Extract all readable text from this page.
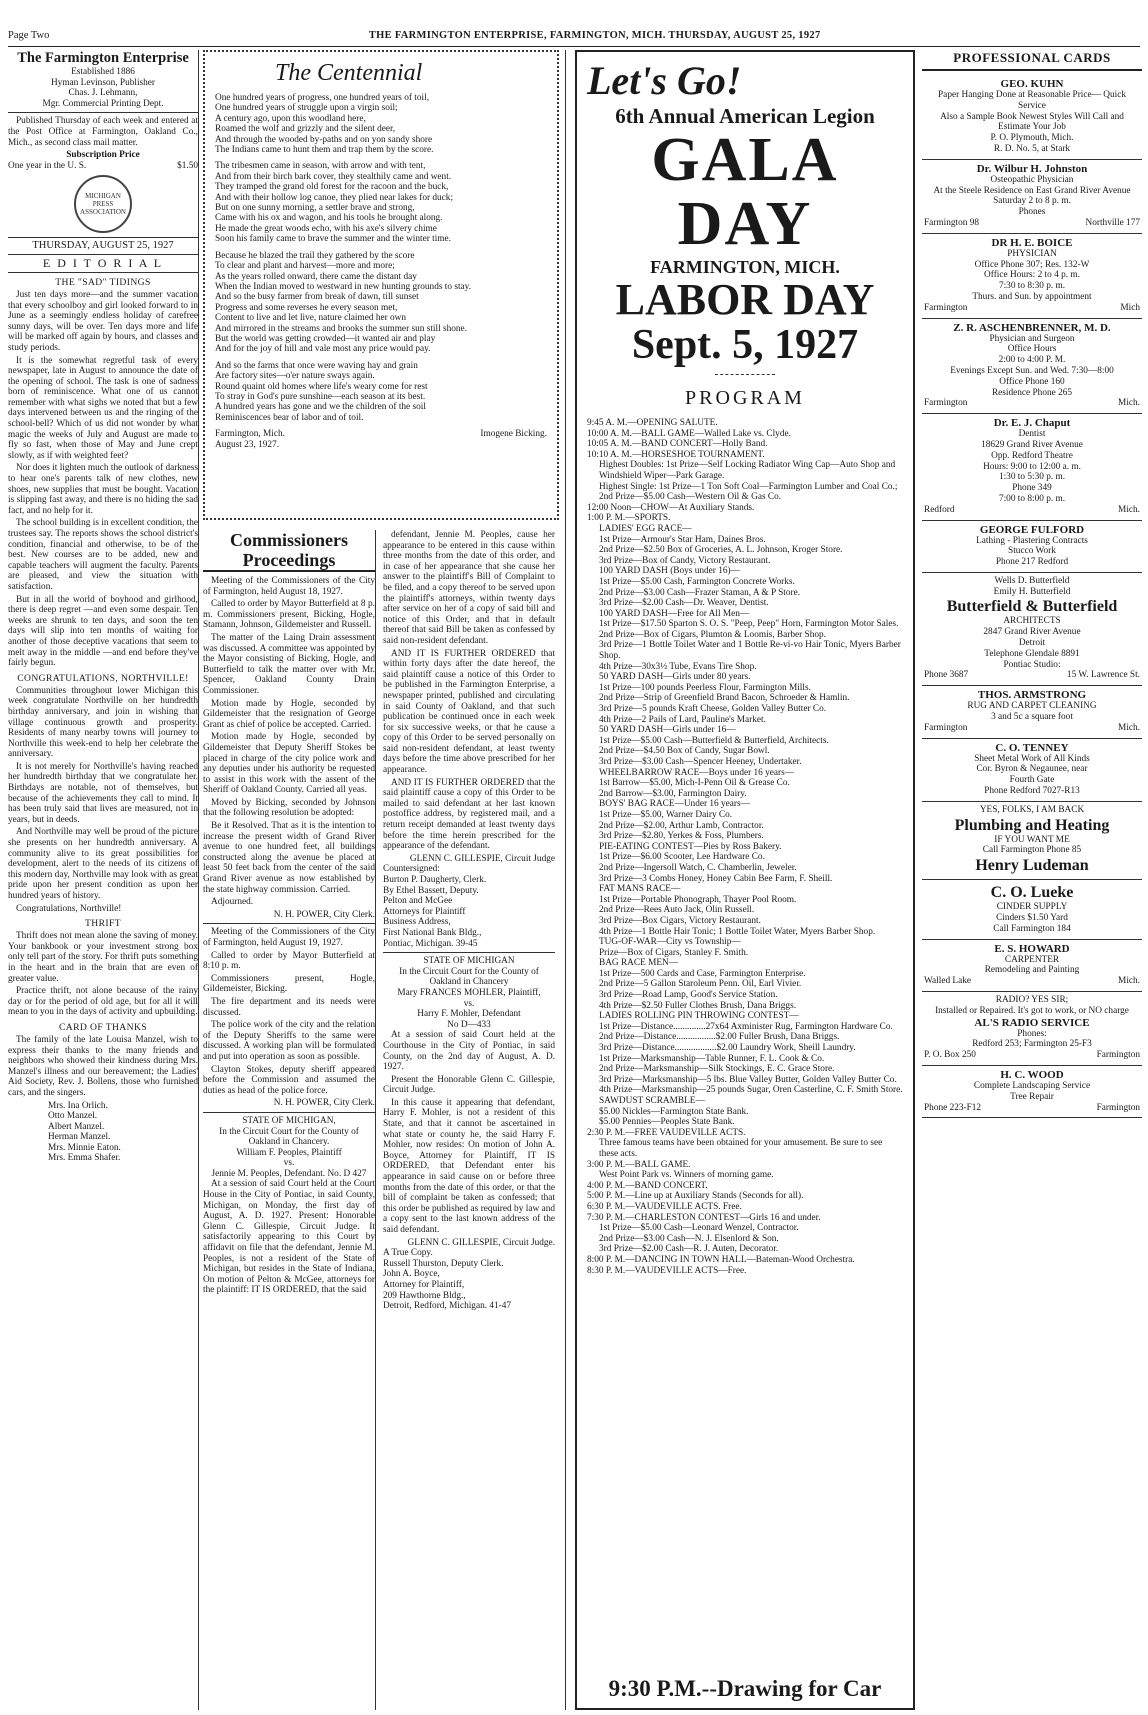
Page Two	THE FARMINGTON ENTERPRISE, FARMINGTON, MICH. THURSDAY, AUGUST 25, 1927
The Farmington Enterprise
Established 1886
Hyman Levinson, Publisher
Chas. J. Lehmann,
Mgr. Commercial Printing Dept.

Published Thursday of each week and entered at the Post Office at Farmington, Oakland Co., Mich., as second class mail matter.

Subscription Price
One year in the U. S.	$1.50
MICHIGAN PRESS ASSOCIATION
THURSDAY, AUGUST 25, 1927
E D I T O R I A L
THE "SAD" TIDINGS

Just ten days more—and the summer vacation that every schoolboy and girl looked forward to in June as a seemingly endless holiday of carefree sunny days, will be over. Ten days more and life will be marked off again by hours, and classes and study periods.

It is the somewhat regretful task of every newspaper, late in August to announce the date of the opening of school. The task is one of sadness born of reminiscence. What one of us cannot remember with what sighs we noted that but a few days intervened between us and the ringing of the school-bell? Which of us did not wonder by what magic the weeks of July and August are made to fly so fast, when those of May and June crept slowly, as if with weighted feet?

Nor does it lighten much the outlook of darkness to hear one's parents talk of new clothes, new shoes, new supplies that must be bought. Vacation is slipping fast away, and there is no hiding the sad fact, and no help for it.

The school building is in excellent condition, the trustees say. The reports shows the school district's condition, financial and otherwise, to be of the best. New courses are to be added, new and capable teachers will augment the faculty. Parents are pleased, and view the situation with satisfaction.

But in all the world of boyhood and girlhood, there is deep regret —and even some despair. Ten weeks are shrunk to ten days, and soon the ten days will slip into ten months of waiting for another of those deceptive vacations that seem to melt away in the middle —and end before they've fairly begun.

CONGRATULATIONS, NORTHVILLE!

Communities throughout lower Michigan this week congratulate Northville on her hundredth birthday anniversary, and join in wishing that village continuous growth and prosperity. Residents of many nearby towns will journey to Northville this week-end to help her celebrate the anniversary.

It is not merely for Northville's having reached her hundredth birthday that we congratulate her. Birthdays are notable, not of themselves, but because of the achievements they call to mind. It has been truly said that lives are measured, not in years, but in deeds.

And Northville may well be proud of the picture she presents on her hundredth anniversary. A community alive to its great possibilities for development, alert to the needs of its citizens of this modern day, Northville may look with as great pride upon her present condition as upon her hundred years of history.

Congratulations, Northville!

THRIFT

Thrift does not mean alone the saving of money. Your bankbook or your investment strong box only tell part of the story. For thrift puts something in the heart and in the brain that are even of greater value.

Practice thrift, not alone because of the rainy day or for the period of old age, but for all it will mean to you in the days of activity and upbuilding.

CARD OF THANKS

The family of the late Louisa Manzel, wish to express their thanks to the many friends and neighbors who showed their kindness during Mrs. Manzel's illness and our bereavement; the Ladies' Aid Society, Rev. J. Bollens, those who furnished cars, and the singers.

Mrs. Ina Orlich.
Otto Manzel.
Albert Manzel.
Herman Manzel.
Mrs. Minnie Eaton.
Mrs. Emma Shafer.
The Centennial
One hundred years of progress, one hundred years of toil,
One hundred years of struggle upon a virgin soil;
A century ago, upon this woodland here,
Roamed the wolf and grizzly and the silent deer,
And through the wooded by-paths and on yon sandy shore
The Indians came to hunt them and trap them by the score.
The tribesmen came in season, with arrow and with tent,
And from their birch bark cover, they stealthily came and went.
They tramped the grand old forest for the racoon and the buck,
And with their hollow log canoe, they plied near lakes for duck;
But on one sunny morning, a settler brave and strong,
Came with his ox and wagon, and his tools he brought along.
He made the great woods echo, with his axe's silvery chime
Soon his family came to brave the summer and the winter time.
Because he blazed the trail they gathered by the score
To clear and plant and harvest—more and more;
As the years rolled onward, there came the distant day
When the Indian moved to westward in new hunting grounds to stay.
And so the busy farmer from break of dawn, till sunset
Progress and some reverses he every season met,
Content to live and let live, nature claimed her own
And mirrored in the streams and brooks the summer sun still shone.
But the world was getting crowded—it wanted air and play
And for the joy of hill and vale most any price would pay.
And so the farms that once were waving hay and grain
Are factory sites—o'er nature sways again.
Round quaint old homes where life's weary come for rest
To stray in God's pure sunshine—each season at its best.
A hundred years has gone and we the children of the soil
Reminiscences bear of labor and of toil.
Farmington, Mich.
August 23, 1927.
Imogene Bicking.
Commissioners Proceedings

Meeting of the Commissioners of the City of Farmington, held August 18, 1927.

Called to order by Mayor Butterfield at 8 p. m. Commissioners present, Bicking, Hogle, Stamann, Johnson, Gildemeister and Russell.

The matter of the Laing Drain assessment was discussed. A committee was appointed by the Mayor consisting of Bicking, Hogle, and Butterfield to talk the matter over with Mr. Spencer, Oakland County Drain Commissioner.

Motion made by Hogle, seconded by Gildemeister that the resignation of George Grant as chief of police be accepted. Carried.

Motion made by Hogle, seconded by Gildemeister that Deputy Sheriff Stokes be placed in charge of the city police work and any deputies under his authority be requested to assist in this work with the assent of the Sheriff of Oakland County. Carried all yeas.

Moved by Bicking, seconded by Johnson that the following resolution be adopted:

Be it Resolved. That as it is the intention to increase the present width of Grand River avenue to one hundred feet, all buildings constructed along the avenue be placed at least 50 feet back from the center of the said Grand River avenue as now established by the state highway commission. Carried.

Adjourned.

N. H. POWER, City Clerk.

Meeting of the Commissioners of the City of Farmington, held August 19, 1927.

Called to order by Mayor Butterfield at 8:10 p. m.

Commissioners present, Hogle, Gildemeister, Bicking.

The fire department and its needs were discussed.

The police work of the city and the relation of the Deputy Sheriffs to the same were discussed. A working plan will be formulated and put into operation as soon as possible.

Clayton Stokes, deputy sheriff appeared before the Commission and assumed the duties as head of the police force.

N. H. POWER, City Clerk.
STATE OF MICHIGAN,
In the Circuit Court for the County of Oakland in Chancery.
William F. Peoples, Plaintiff
vs.
Jennie M. Peoples, Defendant. No. D 427

At a session of said Court held at the Court House in the City of Pontiac, in said County, Michigan, on Monday, the first day of August, A. D. 1927. Present: Honorable Glenn C. Gillespie, Circuit Judge. It satisfactorily appearing to this Court by affidavit on file that the defendant, Jennie M. Peoples, is not a resident of the State of Michigan, but resides in the State of Indiana, On motion of Pelton & McGee, attorneys for the plaintiff: IT IS ORDERED, that the said

defendant, Jennie M. Peoples, cause her appearance to be entered in this cause within three months from the date of this order, and in case of her appearance that she cause her answer to the plaintiff's Bill of Complaint to be filed, and a copy thereof to be served upon the plaintiff's attorneys, within twenty days after service on her of a copy of said bill and notice of this Order, and that in default thereof that said Bill be taken as confessed by said non-resident defendant.

AND IT IS FURTHER ORDERED that within forty days after the date hereof, the said plaintiff cause a notice of this Order to be published in the Farmington Enterprise, a newspaper printed, published and circulating in said County of Oakland, and that such publication be continued once in each week for six successive weeks, or that he cause a copy of this Order to be served personally on said non-resident defendant, at least twenty days before the time above prescribed for her appearance.

AND IT IS FURTHER ORDERED that the said plaintiff cause a copy of this Order to be mailed to said defendant at her last known postoffice address, by registered mail, and a return receipt demanded at least twenty days before the time herein prescribed for the appearance of the defendant.

GLENN C. GILLESPIE, Circuit Judge
Countersigned:
Burton P. Daugherty, Clerk.
By Ethel Bassett, Deputy.
Pelton and McGee
Attorneys for Plaintiff
Business Address,
First National Bank Bldg.,
Pontiac, Michigan. 39-45
STATE OF MICHIGAN
In the Circuit Court for the County of Oakland in Chancery
Mary FRANCES MOHLER, Plaintiff,
vs.
Harry F. Mohler, Defendant
No D—433

At a session of said Court held at the Courthouse in the City of Pontiac, in said County, on the 2nd day of August, A. D. 1927.

Present the Honorable Glenn C. Gillespie, Circuit Judge.

In this cause it appearing that defendant, Harry F. Mohler, is not a resident of this State, and that it cannot be ascertained in what state or county he, the said Harry F. Mohler, now resides: On motion of John A. Boyce, Attorney for Plaintiff, IT IS ORDERED, that Defendant enter his appearance in said cause on or before three months from the date of this order, or that the bill of complaint be taken as confessed; that this order be published as required by law and a copy sent to the last known address of the said defendant.

GLENN C. GILLESPIE, Circuit Judge.
A True Copy.
Russell Thurston, Deputy Clerk.
John A. Boyce,
Attorney for Plaintiff,
209 Hawthorne Bldg.,
Detroit, Redford, Michigan. 41-47
Let's Go!
6th Annual American Legion
GALA DAY
FARMINGTON, MICH.
LABOR DAY
Sept. 5, 1927
PROGRAM

9:45 A. M.—OPENING SALUTE.

10:00 A. M.—BALL GAME—Walled Lake vs. Clyde.

10:05 A. M.—BAND CONCERT—Holly Band.

10:10 A. M.—HORSESHOE TOURNAMENT.

Highest Doubles: 1st Prize—Self Locking Radiator Wing Cap—Auto Shop and Windshield Wiper—Park Garage.

Highest Single: 1st Prize—1 Ton Soft Coal—Farmington Lumber and Coal Co.; 2nd Prize—$5.00 Cash—Western Oil & Gas Co.

12:00 Noon—CHOW—At Auxiliary Stands.

1:00 P. M.—SPORTS.

LADIES' EGG RACE—

1st Prize—Armour's Star Ham, Daines Bros.

2nd Prize—$2.50 Box of Groceries, A. L. Johnson, Kroger Store.

3rd Prize—Box of Candy, Victory Restaurant.

100 YARD DASH (Boys under 16)—

1st Prize—$5.00 Cash, Farmington Concrete Works.

2nd Prize—$3.00 Cash—Frazer Staman, A & P Store.

3rd Prize—$2.00 Cash—Dr. Weaver, Dentist.

100 YARD DASH—Free for All Men—

1st Prize—$17.50 Sparton S. O. S. "Peep, Peep" Horn, Farmington Motor Sales.

2nd Prize—Box of Cigars, Plumton & Loomis, Barber Shop.

3rd Prize—1 Bottle Toilet Water and 1 Bottle Re-vi-vo Hair Tonic, Myers Barber Shop.

4th Prize—30x3½ Tube, Evans Tire Shop.

50 YARD DASH—Girls under 80 years.

1st Prize—100 pounds Peerless Flour, Farmington Mills.

2nd Prize—Strip of Greenfield Brand Bacon, Schroeder & Hamlin.

3rd Prize—5 pounds Kraft Cheese, Golden Valley Butter Co.

4th Prize—2 Pails of Lard, Pauline's Market.

50 YARD DASH—Girls under 16—

1st Prize—$5.00 Cash—Butterfield & Butterfield, Architects.

2nd Prize—$4.50 Box of Candy, Sugar Bowl.

3rd Prize—$3.00 Cash—Spencer Heeney, Undertaker.

WHEELBARROW RACE—Boys under 16 years—

1st Barrow—$5.00, Mich-I-Penn Oil & Grease Co.

2nd Barrow—$3.00, Farmington Dairy.

BOYS' BAG RACE—Under 16 years—

1st Prize—$5.00, Warner Dairy Co.

2nd Prize—$2.00, Arthur Lamb, Contractor.

3rd Prize—$2.80, Yerkes & Foss, Plumbers.

PIE-EATING CONTEST—Pies by Ross Bakery.

1st Prize—$6.00 Scooter, Lee Hardware Co.

2nd Prize—Ingersoll Watch, C. Chamberlin, Jeweler.

3rd Prize—3 Combs Honey, Honey Cabin Bee Farm, F. Sheill.

FAT MANS RACE—

1st Prize—Portable Phonograph, Thayer Pool Room.

2nd Prize—Rees Auto Jack, Olin Russell.

3rd Prize—Box Cigars, Victory Restaurant.

4th Prize—1 Bottle Hair Tonic; 1 Bottle Toilet Water, Myers Barber Shop.

TUG-OF-WAR—City vs Township—

Prize—Box of Cigars, Stanley F. Smith.

BAG RACE MEN—

1st Prize—500 Cards and Case, Farmington Enterprise.

2nd Prize—5 Gallon Staroleum Penn. Oil, Earl Vivier.

3rd Prize—Road Lamp, Good's Service Station.

4th Prize—$2.50 Fuller Clothes Brush, Dana Briggs.

LADIES ROLLING PIN THROWING CONTEST—

1st Prize—Distance..............27x64 Axminister Rug, Farmington Hardware Co.

2nd Prize—Distance.................$2.00 Fuller Brush, Dana Briggs.

3rd Prize—Distance..................$2.00 Laundry Work, Sheill Laundry.

1st Prize—Marksmanship—Table Runner, F. L. Cook & Co.

2nd Prize—Marksmanship—Silk Stockings, E. C. Grace Store.

3rd Prize—Marksmanship—5 lbs. Blue Valley Butter, Golden Valley Butter Co.

4th Prize—Marksmanship—25 pounds Sugar, Oren Casterline, C. F. Smith Store.

SAWDUST SCRAMBLE—

$5.00 Nickles—Farmington State Bank.

$5.00 Pennies—Peoples State Bank.

2:30 P. M.—FREE VAUDEVILLE ACTS.

Three famous teams have been obtained for your amusement. Be sure to see these acts.

3:00 P. M.—BALL GAME.

West Point Park vs. Winners of morning game.

4:00 P. M.—BAND CONCERT.

5:00 P. M.—Line up at Auxiliary Stands (Seconds for all).

6:30 P. M.—VAUDEVILLE ACTS. Free.

7:30 P. M.—CHARLESTON CONTEST—Girls 16 and under.

1st Prize—$5.00 Cash—Leonard Wenzel, Contractor.

2nd Prize—$3.00 Cash—N. J. Elsenlord & Son.

3rd Prize—$2.00 Cash—R. J. Auten, Decorator.

8:00 P. M.—DANCING IN TOWN HALL—Bateman-Wood Orchestra.

8:30 P. M.—VAUDEVILLE ACTS—Free.

9:30 P.M.--Drawing for Car
PROFESSIONAL CARDS
GEO. KUHN
Paper Hanging Done at Reasonable Price— Quick Service
Also a Sample Book Newest Styles Will Call and Estimate Your Job
P. O. Plymouth, Mich.
R. D. No. 5, at Stark
Dr. Wilbur H. Johnston
Osteopathic Physician
At the Steele Residence on East Grand River Avenue
Saturday 2 to 8 p. m.
Phones
Farmington 98	Northville 177
DR H. E. BOICE
PHYSICIAN
Office Phone 307; Res. 132-W
Office Hours: 2 to 4 p. m.
7:30 to 8:30 p. m.
Thurs. and Sun. by appointment
Farmington	Mich
Z. R. ASCHENBRENNER, M. D.
Physician and Surgeon
Office Hours
2:00 to 4:00 P. M.
Evenings Except Sun. and Wed. 7:30—8:00
Office Phone 160
Residence Phone 265
Farmington	Mich.
Dr. E. J. Chaput
Dentist
18629 Grand River Avenue
Opp. Redford Theatre
Hours: 9:00 to 12:00 a. m.
1:30 to 5:30 p. m.
Phone 349
7:00 to 8:00 p. m.
Redford	Mich.
GEORGE FULFORD
Lathing - Plastering Contracts
Stucco Work
Phone 217 Redford
Wells D. Butterfield
Emily H. Butterfield
Butterfield & Butterfield
ARCHITECTS
2847 Grand River Avenue
Detroit
Telephone Glendale 8891
Pontiac Studio:
Phone 3687	15 W. Lawrence St.
THOS. ARMSTRONG
RUG AND CARPET CLEANING
3 and 5c a square foot
Farmington	Mich.
C. O. TENNEY
Sheet Metal Work of All Kinds
Cor. Byron & Negaunee, near
Fourth Gate
Phone Redford 7027-R13
YES, FOLKS, I AM BACK
Plumbing and Heating
IF YOU WANT ME
Call Farmington Phone 85
Henry Ludeman
C. O. Lueke
CINDER SUPPLY
Cinders $1.50 Yard
Call Farmington 184
E. S. HOWARD
CARPENTER
Remodeling and Painting
Walled Lake	Mich.
RADIO? YES SIR;
Installed or Repaired. It's got to work, or NO charge
AL'S RADIO SERVICE
Phones:
Redford 253; Farmington 25-F3
P. O. Box 250	Farmington
H. C. WOOD
Complete Landscaping Service
Tree Repair
Phone 223-F12	Farmington
